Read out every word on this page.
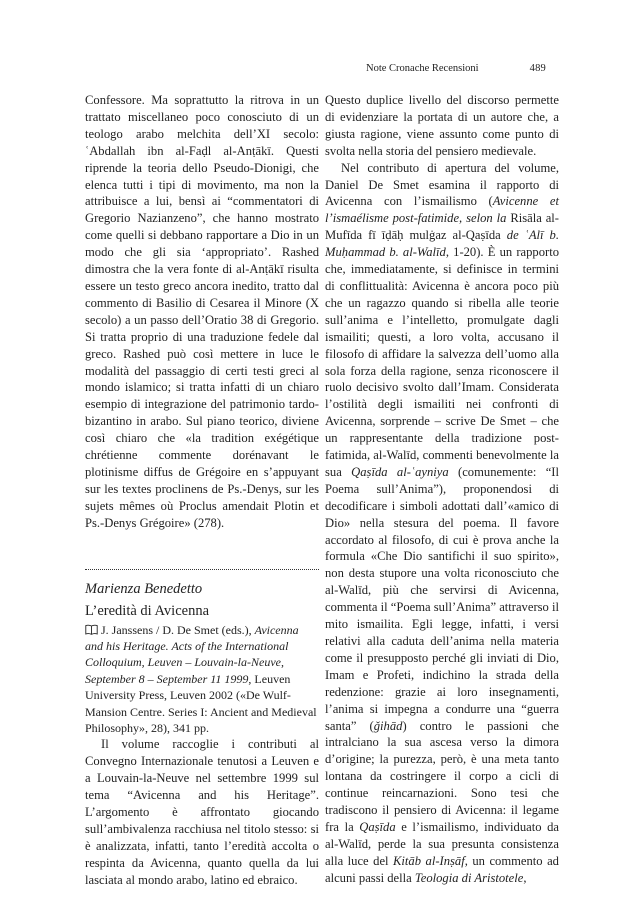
Note Cronache Recensioni	489

Confessore. Ma soprattutto la ritrova in un trattato miscellaneo poco conosciuto di un teologo arabo melchita dell’XI secolo: ʿAbdallah ibn al-Faḍl al-Anṭākī. Questi riprende la teoria dello Pseudo-Dionigi, che elenca tutti i tipi di movimento, ma non la attribuisce a lui, bensì ai “commentatori di Gregorio Nazianzeno”, che hanno mostrato come quelli si debbano rapportare a Dio in un modo che gli sia ‘appropriato’. Rashed dimostra che la vera fonte di al-Anṭākī risulta essere un testo greco ancora inedito, tratto dal commento di Basilio di Cesarea il Minore (X secolo) a un passo dell’Oratio 38 di Gregorio. Si tratta proprio di una traduzione fedele dal greco. Rashed può così mettere in luce le modalità del passaggio di certi testi greci al mondo islamico; si tratta infatti di un chiaro esempio di integrazione del patrimonio tardo-bizantino in arabo. Sul piano teorico, diviene così chiaro che «la tradition exégétique chrétienne commente dorénavant le plotinisme diffus de Grégoire en s’appuyant sur les textes proclinens de Ps.-Denys, sur les sujets mêmes où Proclus amendait Plotin et Ps.-Denys Grégoire» (278).

Marienza Benedetto

L’eredità di Avicenna

J. Janssens / D. De Smet (eds.), Avicenna and his Heritage. Acts of the International Colloquium, Leuven – Louvain-la-Neuve, September 8 – September 11 1999, Leuven University Press, Leuven 2002 («De Wulf-Mansion Centre. Series I: Ancient and Medieval Philosophy», 28), 341 pp.

Il volume raccoglie i contributi al Convegno Internazionale tenutosi a Leuven e a Louvain-la-Neuve nel settembre 1999 sul tema “Avicenna and his Heritage”. L’argomento è affrontato giocando sull’ambivalenza racchiusa nel titolo stesso: si è analizzata, infatti, tanto l’eredità accolta o respinta da Avicenna, quanto quella da lui lasciata al mondo arabo, latino ed ebraico.

Questo duplice livello del discorso permette di evidenziare la portata di un autore che, a giusta ragione, viene assunto come punto di svolta nella storia del pensiero medievale.

Nel contributo di apertura del volume, Daniel De Smet esamina il rapporto di Avicenna con l’ismailismo (Avicenne et l’ismaélisme post-fatimide, selon la Risāla al-Mufīda fī īḍāḥ mulġaz al-Qaṣīda de ʿAlī b. Muḥammad b. al-Walīd, 1-20). È un rapporto che, immediatamente, si definisce in termini di conflittualità: Avicenna è ancora poco più che un ragazzo quando si ribella alle teorie sull’anima e l’intelletto, promulgate dagli ismailiti; questi, a loro volta, accusano il filosofo di affidare la salvezza dell’uomo alla sola forza della ragione, senza riconoscere il ruolo decisivo svolto dall’Imam. Considerata l’ostilità degli ismailiti nei confronti di Avicenna, sorprende – scrive De Smet – che un rappresentante della tradizione post-fatimida, al-Walīd, commenti benevolmente la sua Qaṣīda al-ʿayniya (comunemente: “Il Poema sull’Anima”), proponendosi di decodificare i simboli adottati dall’«amico di Dio» nella stesura del poema. Il favore accordato al filosofo, di cui è prova anche la formula «Che Dio santifichi il suo spirito», non desta stupore una volta riconosciuto che al-Walīd, più che servirsi di Avicenna, commenta il “Poema sull’Anima” attraverso il mito ismailita. Egli legge, infatti, i versi relativi alla caduta dell’anima nella materia come il presupposto perché gli inviati di Dio, Imam e Profeti, indichino la strada della redenzione: grazie ai loro insegnamenti, l’anima si impegna a condurre una “guerra santa” (ǧihād) contro le passioni che intralciano la sua ascesa verso la dimora d’origine; la purezza, però, è una meta tanto lontana da costringere il corpo a cicli di continue reincarnazioni. Sono tesi che tradiscono il pensiero di Avicenna: il legame fra la Qaṣīda e l’ismailismo, individuato da al-Walīd, perde la sua presunta consistenza alla luce del Kitāb al-Inṣāf, un commento ad alcuni passi della Teologia di Aristotele,
